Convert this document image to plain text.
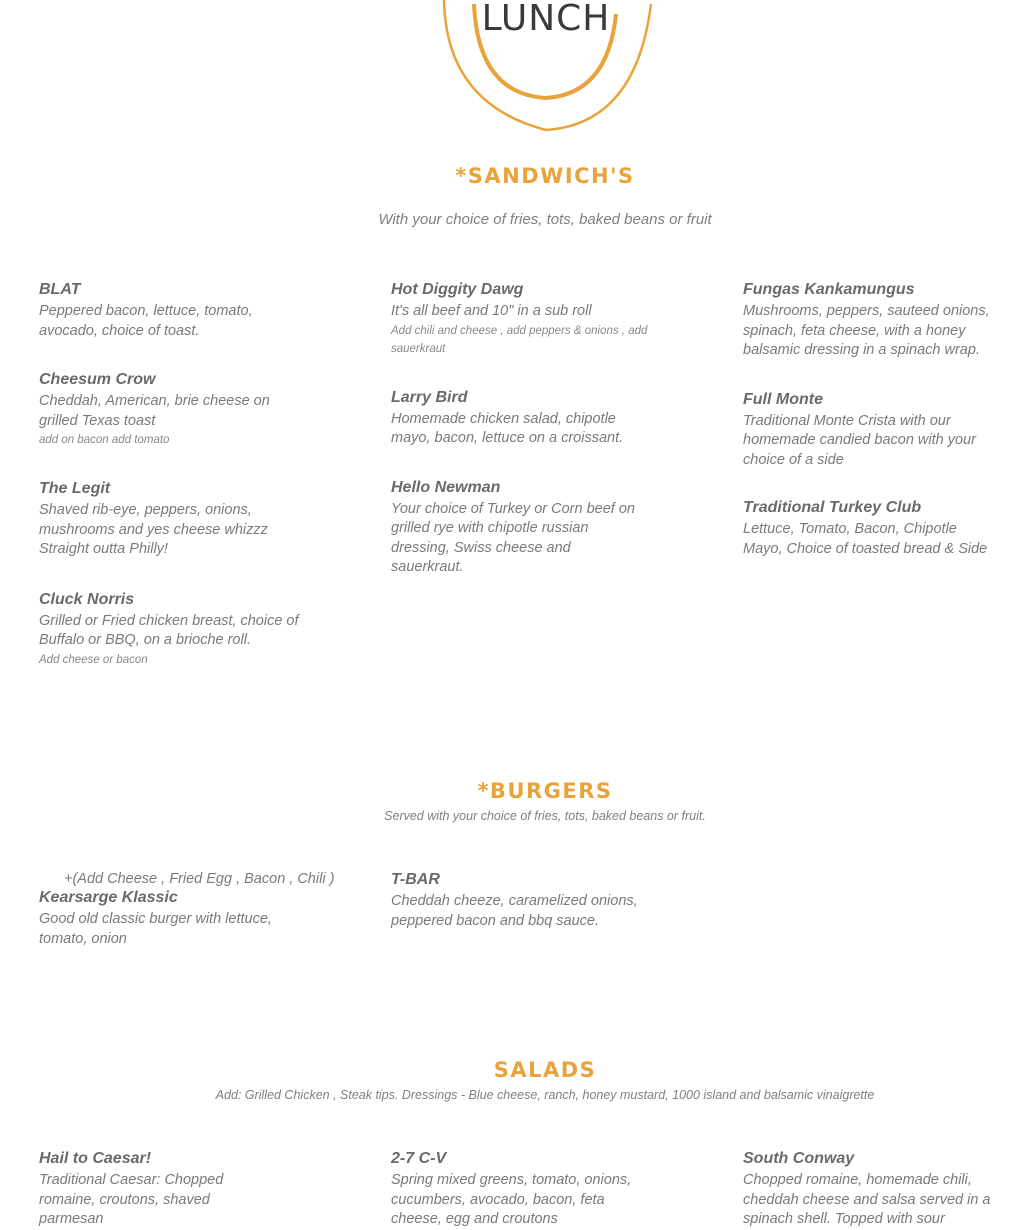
LUNCH
*SANDWICH'S

With your choice of fries, tots, baked beans or fruit

BLAT

Peppered bacon, lettuce, tomato, avocado, choice of toast.

Cheesum Crow

Cheddah, American, brie cheese on grilled Texas toast

add on bacon add tomato

The Legit

Shaved rib-eye, peppers, onions, mushrooms and yes cheese whizzz Straight outta Philly!

Cluck Norris

Grilled or Fried chicken breast, choice of Buffalo or BBQ, on a brioche roll.

Add cheese or bacon

Hot Diggity Dawg

It's all beef and 10" in a sub roll

Add chili and cheese , add peppers & onions , add sauerkraut

Larry Bird

Homemade chicken salad, chipotle mayo, bacon, lettuce on a croissant.

Hello Newman

Your choice of Turkey or Corn beef on grilled rye with chipotle russian dressing, Swiss cheese and sauerkraut.

Fungas Kankamungus

Mushrooms, peppers, sauteed onions, spinach, feta cheese, with a honey balsamic dressing in a spinach wrap.

Full Monte

Traditional Monte Crista with our homemade candied bacon with your choice of a side

Traditional Turkey Club

Lettuce, Tomato, Bacon, Chipotle Mayo, Choice of toasted bread & Side

*BURGERS

Served with your choice of fries, tots, baked beans or fruit.

+(Add Cheese , Fried Egg , Bacon , Chili )

Kearsarge Klassic

Good old classic burger with lettuce, tomato, onion

T-BAR

Cheddah cheeze, caramelized onions, peppered bacon and bbq sauce.

SALADS

Add: Grilled Chicken , Steak tips. Dressings - Blue cheese, ranch, honey mustard, 1000 island and balsamic vinaigrette

Hail to Caesar!

Traditional Caesar: Chopped romaine, croutons, shaved parmesan

2-7 C-V

Spring mixed greens, tomato, onions, cucumbers, avocado, bacon, feta cheese, egg and croutons

South Conway

Chopped romaine, homemade chili, cheddah cheese and salsa served in a spinach shell. Topped with sour
